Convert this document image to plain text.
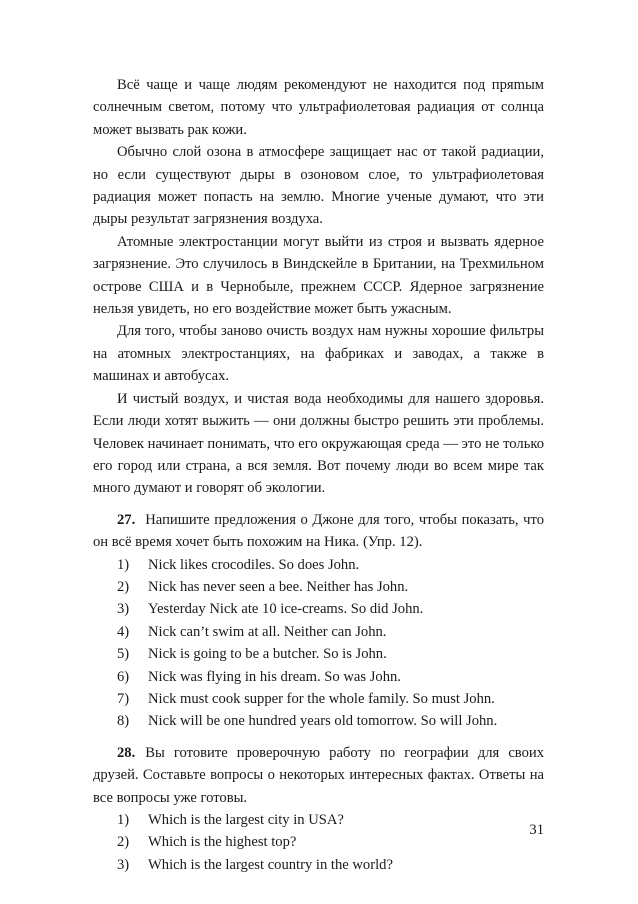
Всё чаще и чаще людям рекомендуют не находится под пряmым солнечным светом, потому что ультрафиолетовая радиация от солнца может вызвать рак кожи.

Обычно слой озона в атмосфере защищает нас от такой радиации, но если существуют дыры в озоновом слое, то ультрафиолетовая радиация может попасть на землю. Многие ученые думают, что эти дыры результат загрязнения воздуха.

Атомные электростанции могут выйти из строя и вызвать ядерное загрязнение. Это случилось в Виндскейле в Британии, на Трехмильном острове США и в Чернобыле, прежнем СССР. Ядерное загрязнение нельзя увидеть, но его воздействие может быть ужасным.

Для того, чтобы заново очисть воздух нам нужны хорошие фильтры на атомных электростанциях, на фабриках и заводах, а также в машинах и автобусах.

И чистый воздух, и чистая вода необходимы для нашего здоровья. Если люди хотят выжить — они должны быстро решить эти проблемы. Человек начинает понимать, что его окружающая среда — это не только его город или страна, а вся земля. Вот почему люди во всем мире так много думают и говорят об экологии.

27. Напишите предложения о Джоне для того, чтобы показать, что он всё время хочет быть похожим на Ника. (Упр. 12).

1)	Nick likes crocodiles. So does John.
2)	Nick has never seen a bee. Neither has John.
3)	Yesterday Nick ate 10 ice-creams. So did John.
4)	Nick can’t swim at all. Neither can John.
5)	Nick is going to be a butcher. So is John.
6)	Nick was flying in his dream. So was John.
7)	Nick must cook supper for the whole family. So must John.
8)	Nick will be one hundred years old tomorrow. So will John.

28. Вы готовите проверочную работу по географии для своих друзей. Составьте вопросы о некоторых интересных фактах. Ответы на все вопросы уже готовы.

1)	Which is the largest city in USA?
2)	Which is the highest top?
3)	Which is the largest country in the world?
31
